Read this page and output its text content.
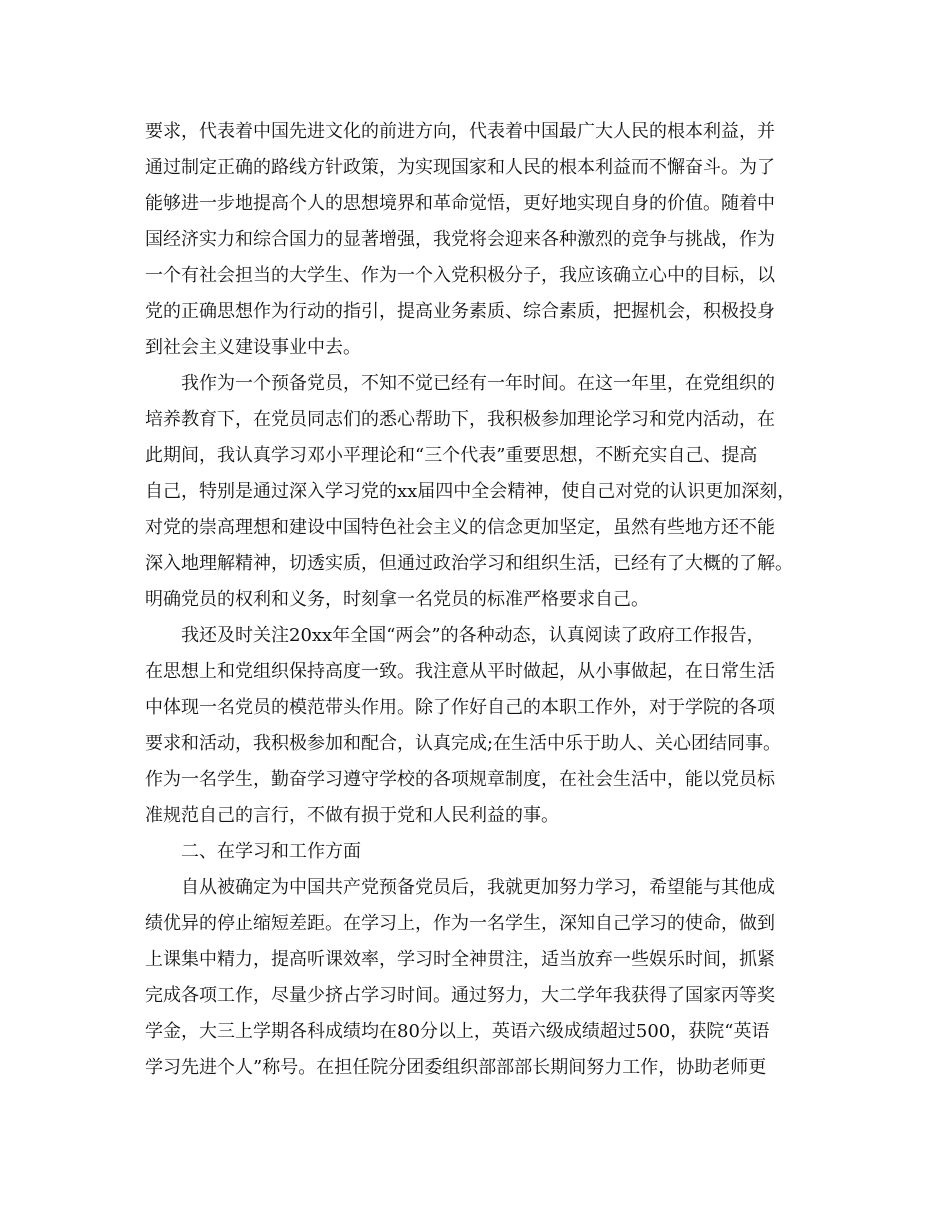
要求，代表着中国先进文化的前进方向，代表着中国最广大人民的根本利益，并
通过制定正确的路线方针政策，为实现国家和人民的根本利益而不懈奋斗。为了
能够进一步地提高个人的思想境界和革命觉悟，更好地实现自身的价值。随着中
国经济实力和综合国力的显著增强，我党将会迎来各种激烈的竞争与挑战，作为
一个有社会担当的大学生、作为一个入党积极分子，我应该确立心中的目标，以
党的正确思想作为行动的指引，提高业务素质、综合素质，把握机会，积极投身
到社会主义建设事业中去。
我作为一个预备党员，不知不觉已经有一年时间。在这一年里，在党组织的
培养教育下，在党员同志们的悉心帮助下，我积极参加理论学习和党内活动，在
此期间，我认真学习邓小平理论和“三个代表”重要思想，不断充实自己、提高
自己，特别是通过深入学习党的xx届四中全会精神，使自己对党的认识更加深刻，
对党的崇高理想和建设中国特色社会主义的信念更加坚定，虽然有些地方还不能
深入地理解精神，切透实质，但通过政治学习和组织生活，已经有了大概的了解。
明确党员的权利和义务，时刻拿一名党员的标准严格要求自己。
我还及时关注20xx年全国“两会”的各种动态，认真阅读了政府工作报告，
在思想上和党组织保持高度一致。我注意从平时做起，从小事做起，在日常生活
中体现一名党员的模范带头作用。除了作好自己的本职工作外，对于学院的各项
要求和活动，我积极参加和配合，认真完成;在生活中乐于助人、关心团结同事。
作为一名学生，勤奋学习遵守学校的各项规章制度，在社会生活中，能以党员标
准规范自己的言行，不做有损于党和人民利益的事。
二、在学习和工作方面
自从被确定为中国共产党预备党员后，我就更加努力学习，希望能与其他成
绩优异的停止缩短差距。在学习上，作为一名学生，深知自己学习的使命，做到
上课集中精力，提高听课效率，学习时全神贯注，适当放弃一些娱乐时间，抓紧
完成各项工作，尽量少挤占学习时间。通过努力，大二学年我获得了国家丙等奖
学金，大三上学期各科成绩均在80分以上，英语六级成绩超过500，获院“英语
学习先进个人”称号。在担任院分团委组织部部部长期间努力工作，协助老师更
